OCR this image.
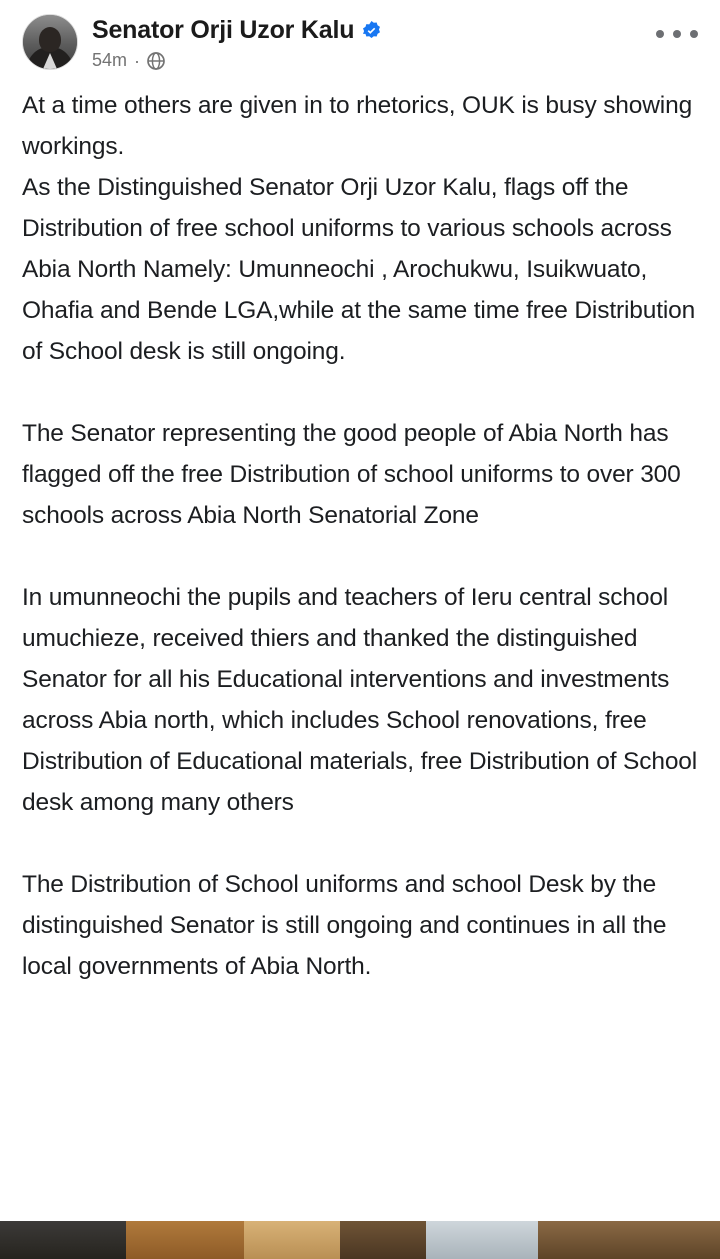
Senator Orji Uzor Kalu
54m ·

At a time others are given in to rhetorics, OUK is busy showing workings.
As the Distinguished Senator Orji Uzor Kalu, flags off the Distribution of free school uniforms to various schools across Abia North Namely: Umunneochi , Arochukwu, Isuikwuato, Ohafia and Bende LGA,while at the same time free Distribution of School desk is still ongoing.

The Senator representing the good people of Abia North has flagged off the free Distribution of school uniforms to over 300 schools across Abia North Senatorial Zone

In umunneochi the pupils and teachers of Ieru central school umuchieze, received thiers and thanked the distinguished Senator for all his Educational interventions and investments across Abia north, which includes School renovations, free Distribution of Educational materials, free Distribution of School desk among many others

The Distribution of School uniforms and school Desk by the distinguished Senator is still ongoing and continues in all the local governments of Abia North.
